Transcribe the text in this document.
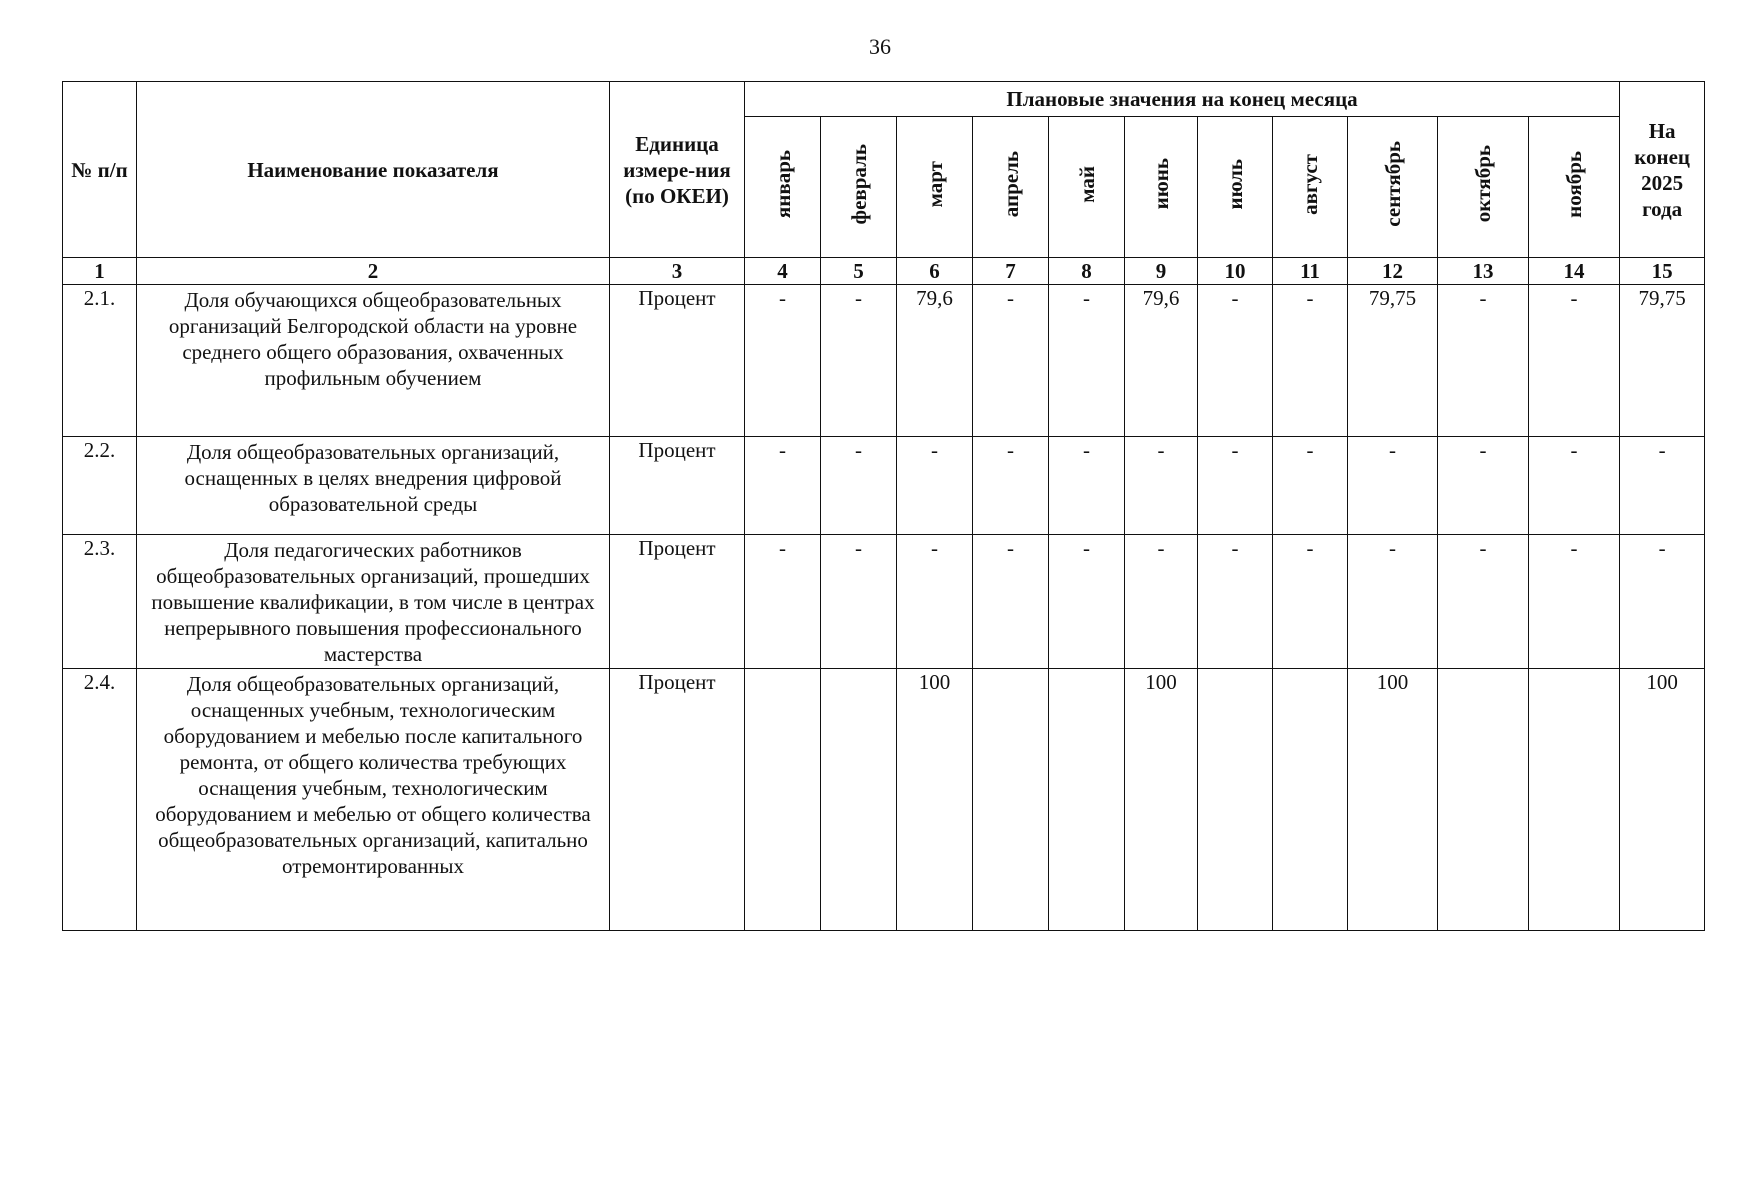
36
№ п/п	Наименование показателя	Единица измере-ния (по ОКЕИ)	Плановые значения на конец месяца											На конец 2025 года
			январь	февраль	март	апрель	май	июнь	июль	август	сентябрь	октябрь	ноябрь	
1	2	3	4	5	6	7	8	9	10	11	12	13	14	15
2.1.	Доля обучающихся общеобразовательных организаций Белгородской области на уровне среднего общего образования, охваченных профильным обучением	Процент	-	-	79,6	-	-	79,6	-	-	79,75	-	-	79,75
2.2.	Доля общеобразовательных организаций, оснащенных в целях внедрения цифровой образовательной среды	Процент	-	-	-	-	-	-	-	-	-	-	-	-
2.3.	Доля педагогических работников общеобразовательных организаций, прошедших повышение квалификации, в том числе в центрах непрерывного повышения профессионального мастерства	Процент	-	-	-	-	-	-	-	-	-	-	-	-
2.4.	Доля общеобразовательных организаций, оснащенных учебным, технологическим оборудованием и мебелью после капитального ремонта, от общего количества требующих оснащения учебным, технологическим оборудованием и мебелью от общего количества общеобразовательных организаций, капитально отремонтированных	Процент			100			100			100			100
